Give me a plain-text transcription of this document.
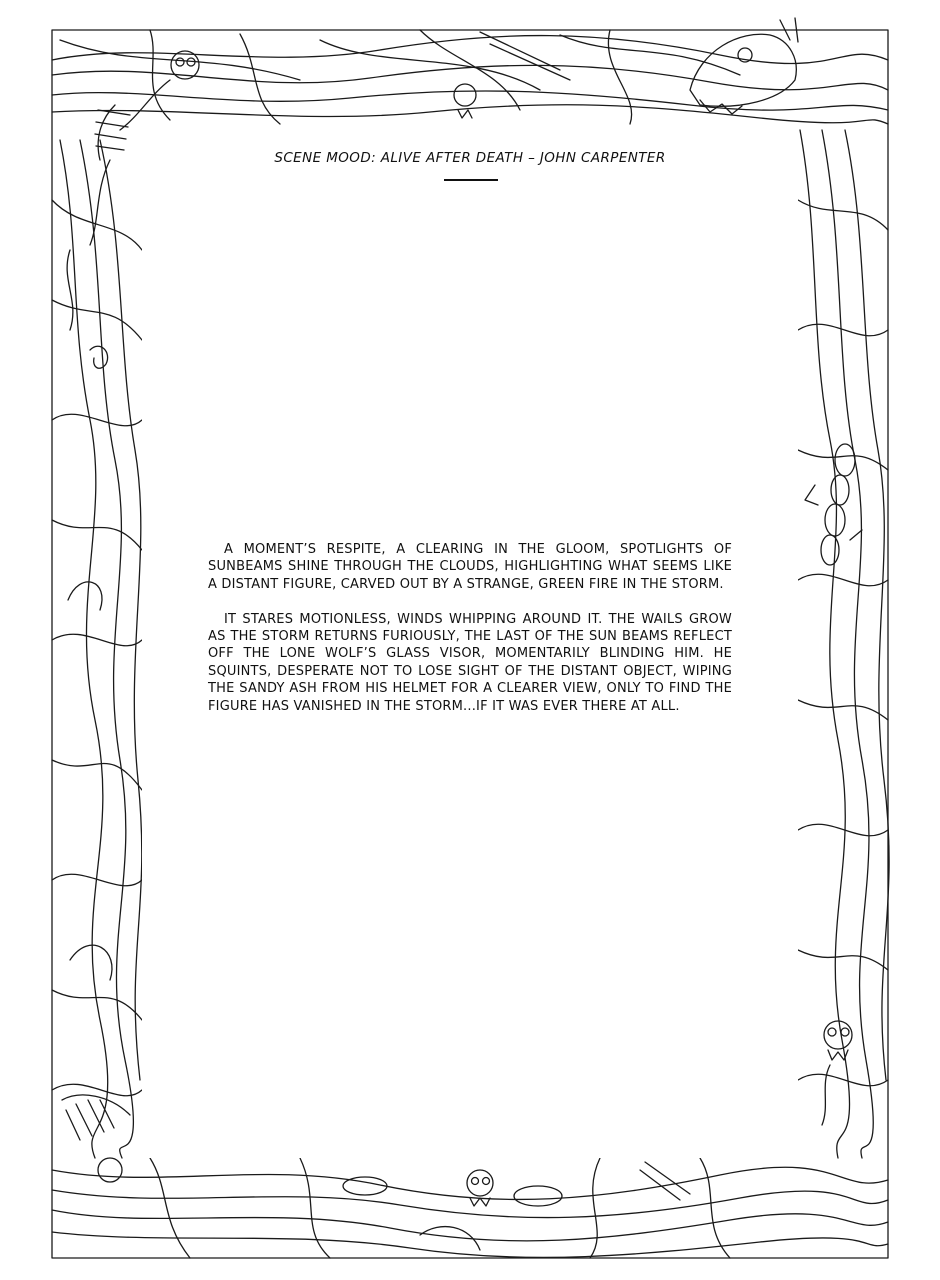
SCENE MOOD: ALIVE AFTER DEATH – JOHN CARPENTER

A MOMENT’S RESPITE, A CLEARING IN THE GLOOM, SPOTLIGHTS OF SUNBEAMS SHINE THROUGH THE CLOUDS, HIGHLIGHTING WHAT SEEMS LIKE A DISTANT FIGURE, CARVED OUT BY A STRANGE, GREEN FIRE IN THE STORM.

IT STARES MOTIONLESS, WINDS WHIPPING AROUND IT. THE WAILS GROW AS THE STORM RETURNS FURIOUSLY, THE LAST OF THE SUN BEAMS REFLECT OFF THE LONE WOLF’S GLASS VISOR, MOMENTARILY BLINDING HIM. HE SQUINTS, DESPERATE NOT TO LOSE SIGHT OF THE DISTANT OBJECT, WIPING THE SANDY ASH FROM HIS HELMET FOR A CLEARER VIEW, ONLY TO FIND THE FIGURE HAS VANISHED IN THE STORM...IF IT WAS EVER THERE AT ALL.
